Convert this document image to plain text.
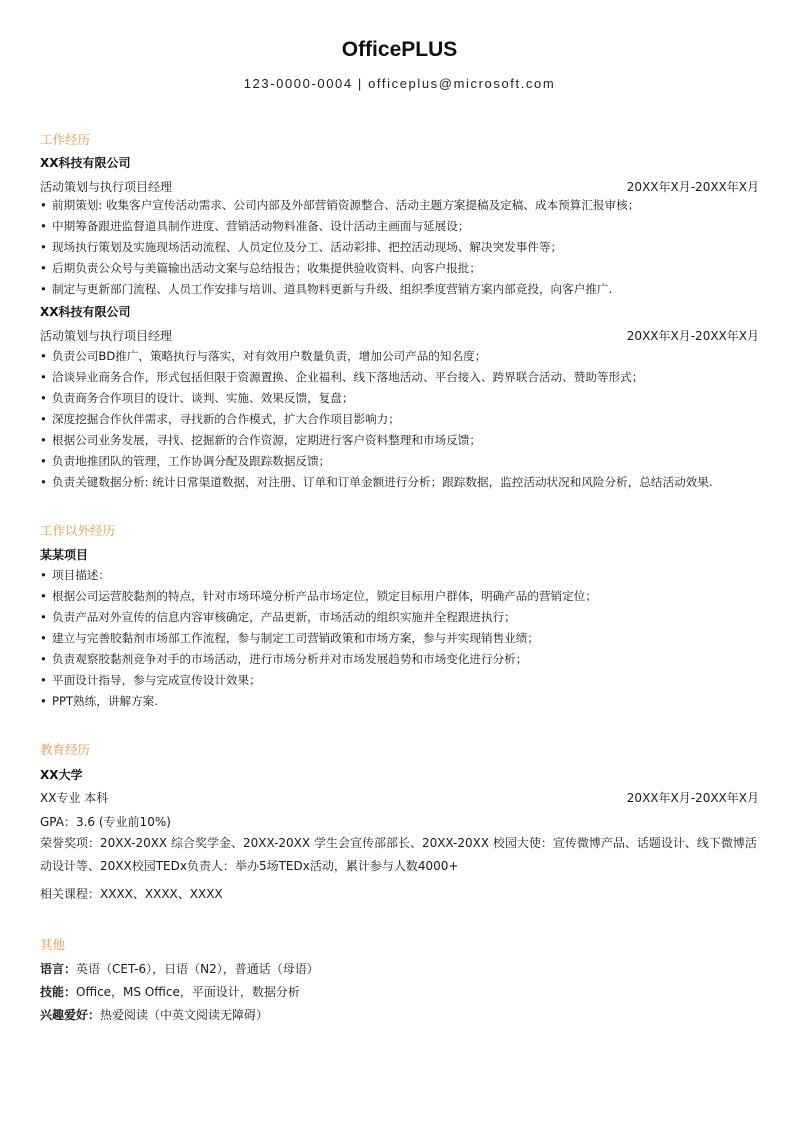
OfficePLUS
123-0000-0004 | officeplus@microsoft.com
工作经历
XX科技有限公司
活动策划与执行项目经理	20XX年X月-20XX年X月
• 前期策划: 收集客户宣传活动需求、公司内部及外部营销资源整合、活动主题方案提稿及定稿、成本预算汇报审核；
• 中期筹备跟进监督道具制作进度、营销活动物料准备、设计活动主画面与延展设；
• 现场执行策划及实施现场活动流程、人员定位及分工、活动彩排、把控活动现场、解决突发事件等；
• 后期负责公众号与美篇输出活动文案与总结报告；收集提供验收资料、向客户报批；
• 制定与更新部门流程、人员工作安排与培训、道具物料更新与升级、组织季度营销方案内部竞投，向客户推广.
XX科技有限公司
活动策划与执行项目经理	20XX年X月-20XX年X月
• 负责公司BD推广，策略执行与落实，对有效用户数量负责，增加公司产品的知名度；
• 洽谈异业商务合作，形式包括但限于资源置换、企业福利、线下落地活动、平台接入、跨界联合活动、赞助等形式；
• 负责商务合作项目的设计、谈判、实施、效果反馈，复盘；
• 深度挖掘合作伙伴需求，寻找新的合作模式，扩大合作项目影响力；
• 根据公司业务发展，寻找、挖掘新的合作资源，定期进行客户资料整理和市场反馈；
• 负责地推团队的管理，工作协调分配及跟踪数据反馈；
• 负责关键数据分析: 统计日常渠道数据，对注册、订单和订单金额进行分析；跟踪数据，监控活动状况和风险分析，总结活动效果.
工作以外经历
某某项目
• 项目描述：
• 根据公司运营胶黏剂的特点，针对市场环境分析产品市场定位，锁定目标用户群体，明确产品的营销定位；
• 负责产品对外宣传的信息内容审核确定，产品更新，市场活动的组织实施并全程跟进执行；
• 建立与完善胶黏剂市场部工作流程，参与制定工司营销政策和市场方案，参与并实现销售业绩；
• 负责观察胶黏剂竞争对手的市场活动，进行市场分析并对市场发展趋势和市场变化进行分析；
• 平面设计指导，参与完成宣传设计效果；
• PPT熟练，讲解方案.
教育经历
XX大学
XX专业 本科	20XX年X月-20XX年X月
GPA：3.6 (专业前10%)
荣誉奖项：20XX-20XX 综合奖学金、20XX-20XX 学生会宣传部部长、20XX-20XX 校园大使：宣传微博产品、话题设计、线下微博活动设计等、20XX校园TEDx负责人：举办5场TEDx活动，累计参与人数4000+
相关课程：XXXX、XXXX、XXXX
其他
语言：英语（CET-6），日语（N2），普通话（母语）
技能：Office，MS Office，平面设计，数据分析
兴趣爱好：热爱阅读（中英文阅读无障碍）
